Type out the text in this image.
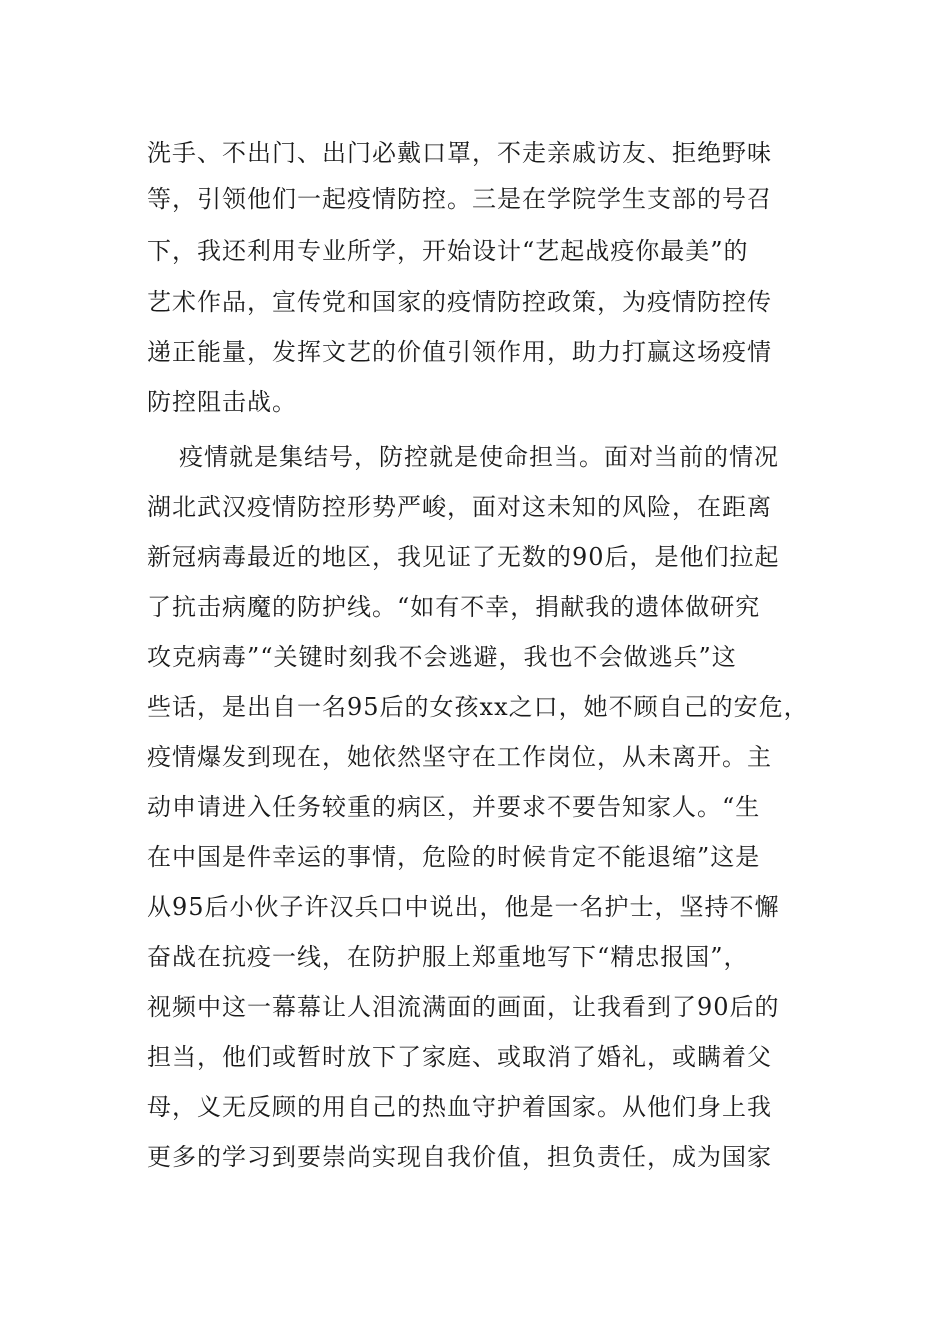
洗手、不出门、出门必戴口罩，不走亲戚访友、拒绝野味
等，引领他们一起疫情防控。三是在学院学生支部的号召
下，我还利用专业所学，开始设计“艺起战疫你最美”的
艺术作品，宣传党和国家的疫情防控政策，为疫情防控传
递正能量，发挥文艺的价值引领作用，助力打赢这场疫情
防控阻击战。
疫情就是集结号，防控就是使命担当。面对当前的情况
湖北武汉疫情防控形势严峻，面对这未知的风险，在距离
新冠病毒最近的地区，我见证了无数的90后，是他们拉起
了抗击病魔的防护线。“如有不幸，捐献我的遗体做研究
攻克病毒”“关键时刻我不会逃避，我也不会做逃兵”这
些话，是出自一名95后的女孩xx之口，她不顾自己的安危，
疫情爆发到现在，她依然坚守在工作岗位，从未离开。主
动申请进入任务较重的病区，并要求不要告知家人。“生
在中国是件幸运的事情，危险的时候肯定不能退缩”这是
从95后小伙子许汉兵口中说出，他是一名护士，坚持不懈
奋战在抗疫一线，在防护服上郑重地写下“精忠报国”，
视频中这一幕幕让人泪流满面的画面，让我看到了90后的
担当，他们或暂时放下了家庭、或取消了婚礼，或瞒着父
母，义无反顾的用自己的热血守护着国家。从他们身上我
更多的学习到要崇尚实现自我价值，担负责任，成为国家
